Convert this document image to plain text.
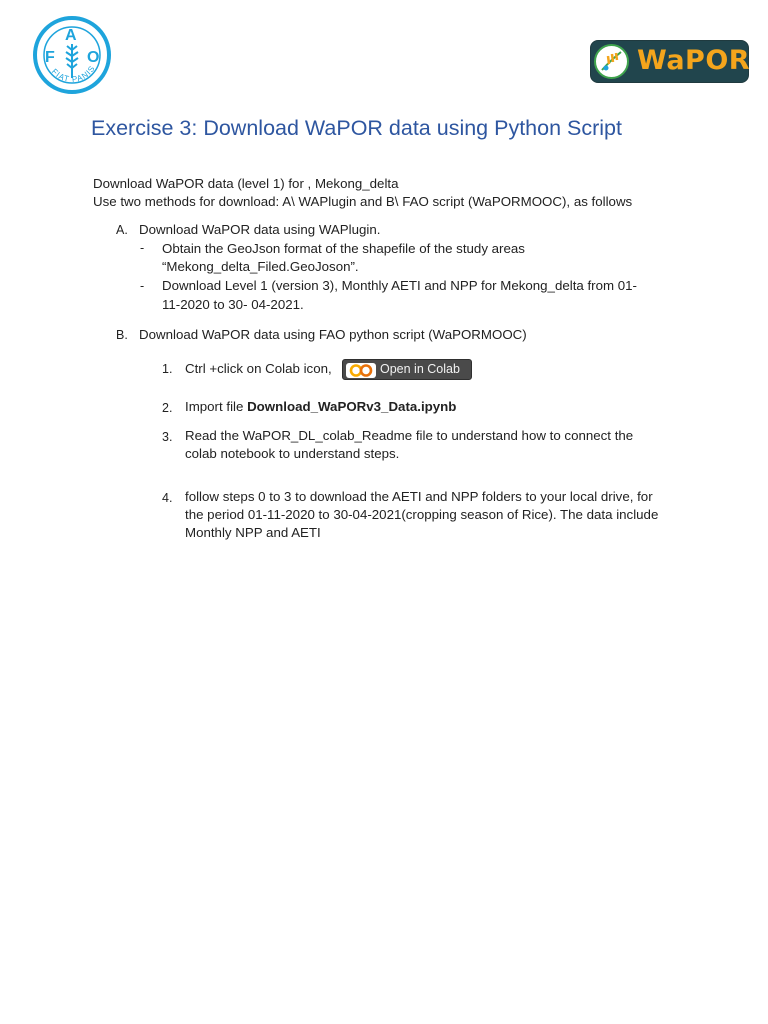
F
A
O
FIAT PANIS	WaPOR
Exercise 3: Download WaPOR data using Python Script
Download WaPOR data (level 1) for , Mekong_delta
Use two methods for download: A\ WAPlugin and B\ FAO script (WaPORMOOC), as follows
A. Download WaPOR data using WAPlugin.
- Obtain the GeoJson format of the shapefile of the study areas
“Mekong_delta_Filed.GeoJoson”.
- Download Level 1 (version 3), Monthly AETI and NPP for Mekong_delta from 01-
11-2020 to 30- 04-2021.
B. Download WaPOR data using FAO python script (WaPORMOOC)
1. Ctrl +click on Colab icon,	Open in Colab
2. Import file Download_WaPORv3_Data.ipynb
3. Read the WaPOR_DL_colab_Readme file to understand how to connect the
colab notebook to understand steps.
4. follow steps 0 to 3 to download the AETI and NPP folders to your local drive, for
the period 01-11-2020 to 30-04-2021(cropping season of Rice). The data include
Monthly NPP and AETI
